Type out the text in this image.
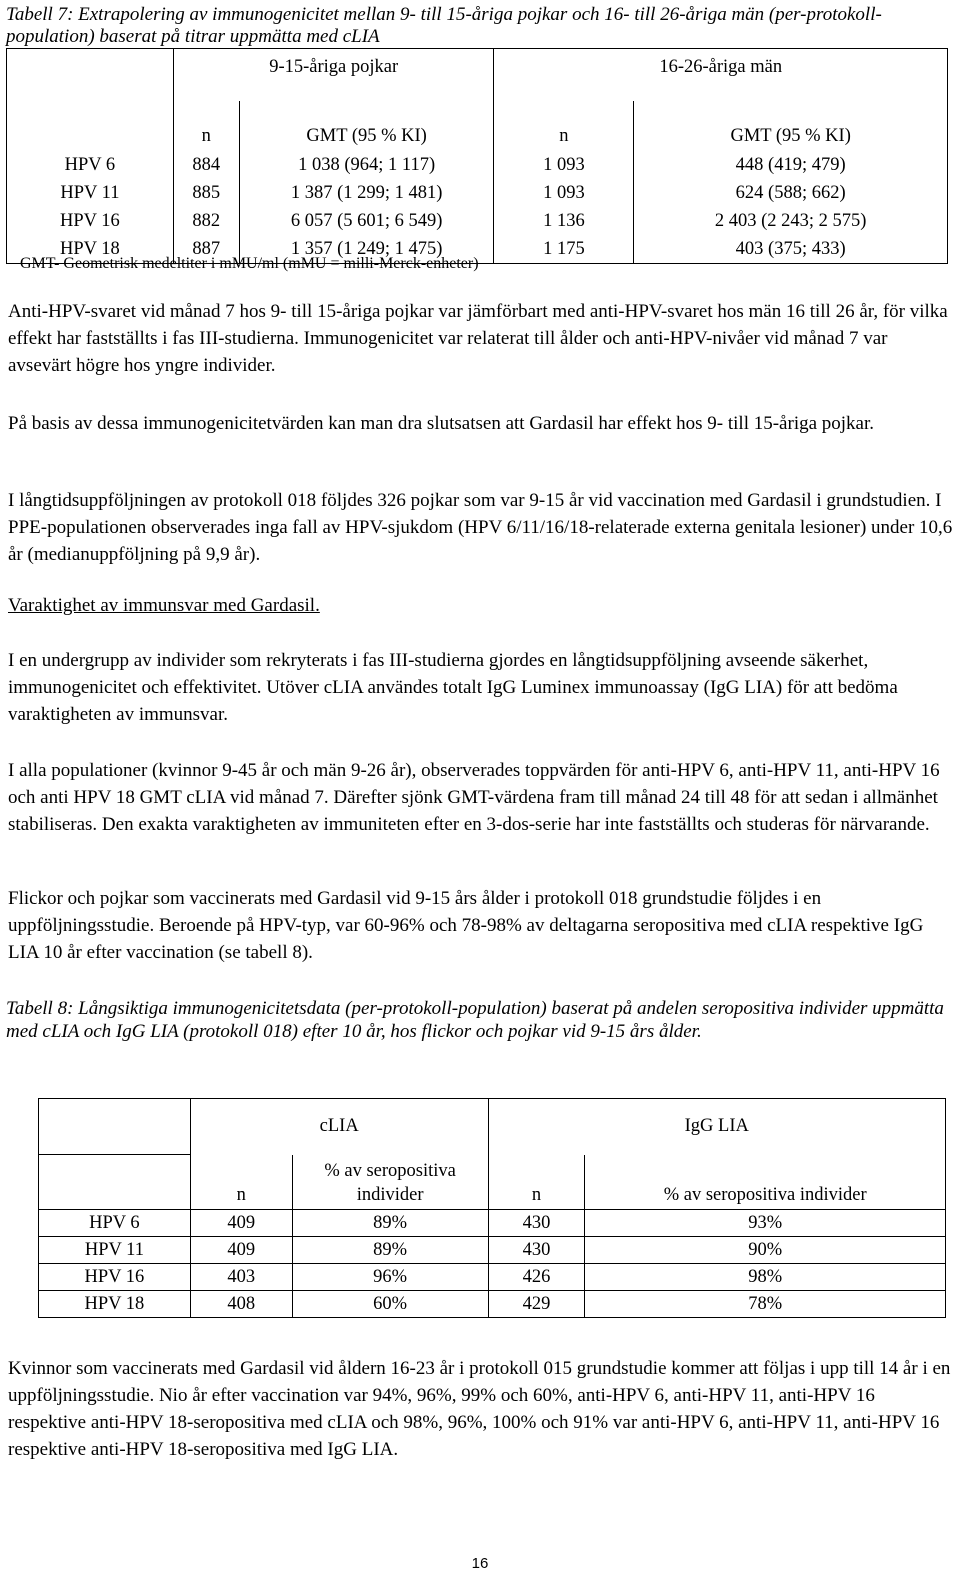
Tabell 7: Extrapolering av immunogenicitet mellan 9- till 15-åriga pojkar och 16- till 26-åriga män (per-protokoll-population) baserat på titrar uppmätta med cLIA

	9-15-åriga pojkar		16-26-åriga män	
	n	GMT (95 % KI)	n	GMT (95 % KI)
HPV 6	884	1 038 (964; 1 117)	1 093	448 (419; 479)
HPV 11	885	1 387 (1 299; 1 481)	1 093	624 (588; 662)
HPV 16	882	6 057 (5 601; 6 549)	1 136	2 403 (2 243; 2 575)
HPV 18	887	1 357 (1 249; 1 475)	1 175	403 (375; 433)
GMT- Geometrisk medeltiter i mMU/ml (mMU = milli-Merck-enheter)

Anti-HPV-svaret vid månad 7 hos 9- till 15-åriga pojkar var jämförbart med anti-HPV-svaret hos män 16 till 26 år, för vilka effekt har fastställts i fas III-studierna. Immunogenicitet var relaterat till ålder och anti-HPV-nivåer vid månad 7 var avsevärt högre hos yngre individer.

På basis av dessa immunogenicitetvärden kan man dra slutsatsen att Gardasil har effekt hos 9- till 15-åriga pojkar.

I långtidsuppföljningen av protokoll 018 följdes 326 pojkar som var 9-15 år vid vaccination med Gardasil i grundstudien. I PPE-populationen observerades inga fall av HPV-sjukdom (HPV 6/11/16/18-relaterade externa genitala lesioner) under 10,6 år (medianuppföljning på 9,9 år).

Varaktighet av immunsvar med Gardasil.

I en undergrupp av individer som rekryterats i fas III-studierna gjordes en långtidsuppföljning avseende säkerhet, immunogenicitet och effektivitet. Utöver cLIA användes totalt IgG Luminex immunoassay (IgG LIA) för att bedöma varaktigheten av immunsvar.

I alla populationer (kvinnor 9-45 år och män 9-26 år), observerades toppvärden för anti-HPV 6, anti-HPV 11, anti-HPV 16 och anti HPV 18 GMT cLIA vid månad 7. Därefter sjönk GMT-värdena fram till månad 24 till 48 för att sedan i allmänhet stabiliseras. Den exakta varaktigheten av immuniteten efter en 3-dos-serie har inte fastställts och studeras för närvarande.

Flickor och pojkar som vaccinerats med Gardasil vid 9-15 års ålder i protokoll 018 grundstudie följdes i en uppföljningsstudie. Beroende på HPV-typ, var 60-96% och 78-98% av deltagarna seropositiva med cLIA respektive IgG LIA 10 år efter vaccination (se tabell 8).

Tabell 8: Långsiktiga immunogenicitetsdata (per-protokoll-population) baserat på andelen seropositiva individer uppmätta med cLIA och IgG LIA (protokoll 018) efter 10 år, hos flickor och pojkar vid 9-15 års ålder.

	cLIA		IgG LIA	
	n	% av seropositiva individer	n	% av seropositiva individer
HPV 6	409	89%	430	93%
HPV 11	409	89%	430	90%
HPV 16	403	96%	426	98%
HPV 18	408	60%	429	78%

Kvinnor som vaccinerats med Gardasil vid åldern 16-23 år i protokoll 015 grundstudie kommer att följas i upp till 14 år i en uppföljningsstudie. Nio år efter vaccination var 94%, 96%, 99% och 60%, anti-HPV 6, anti-HPV 11, anti-HPV 16 respektive anti-HPV 18-seropositiva med cLIA och 98%, 96%, 100% och 91% var anti-HPV 6, anti-HPV 11, anti-HPV 16 respektive anti-HPV 18-seropositiva med IgG LIA.

16
